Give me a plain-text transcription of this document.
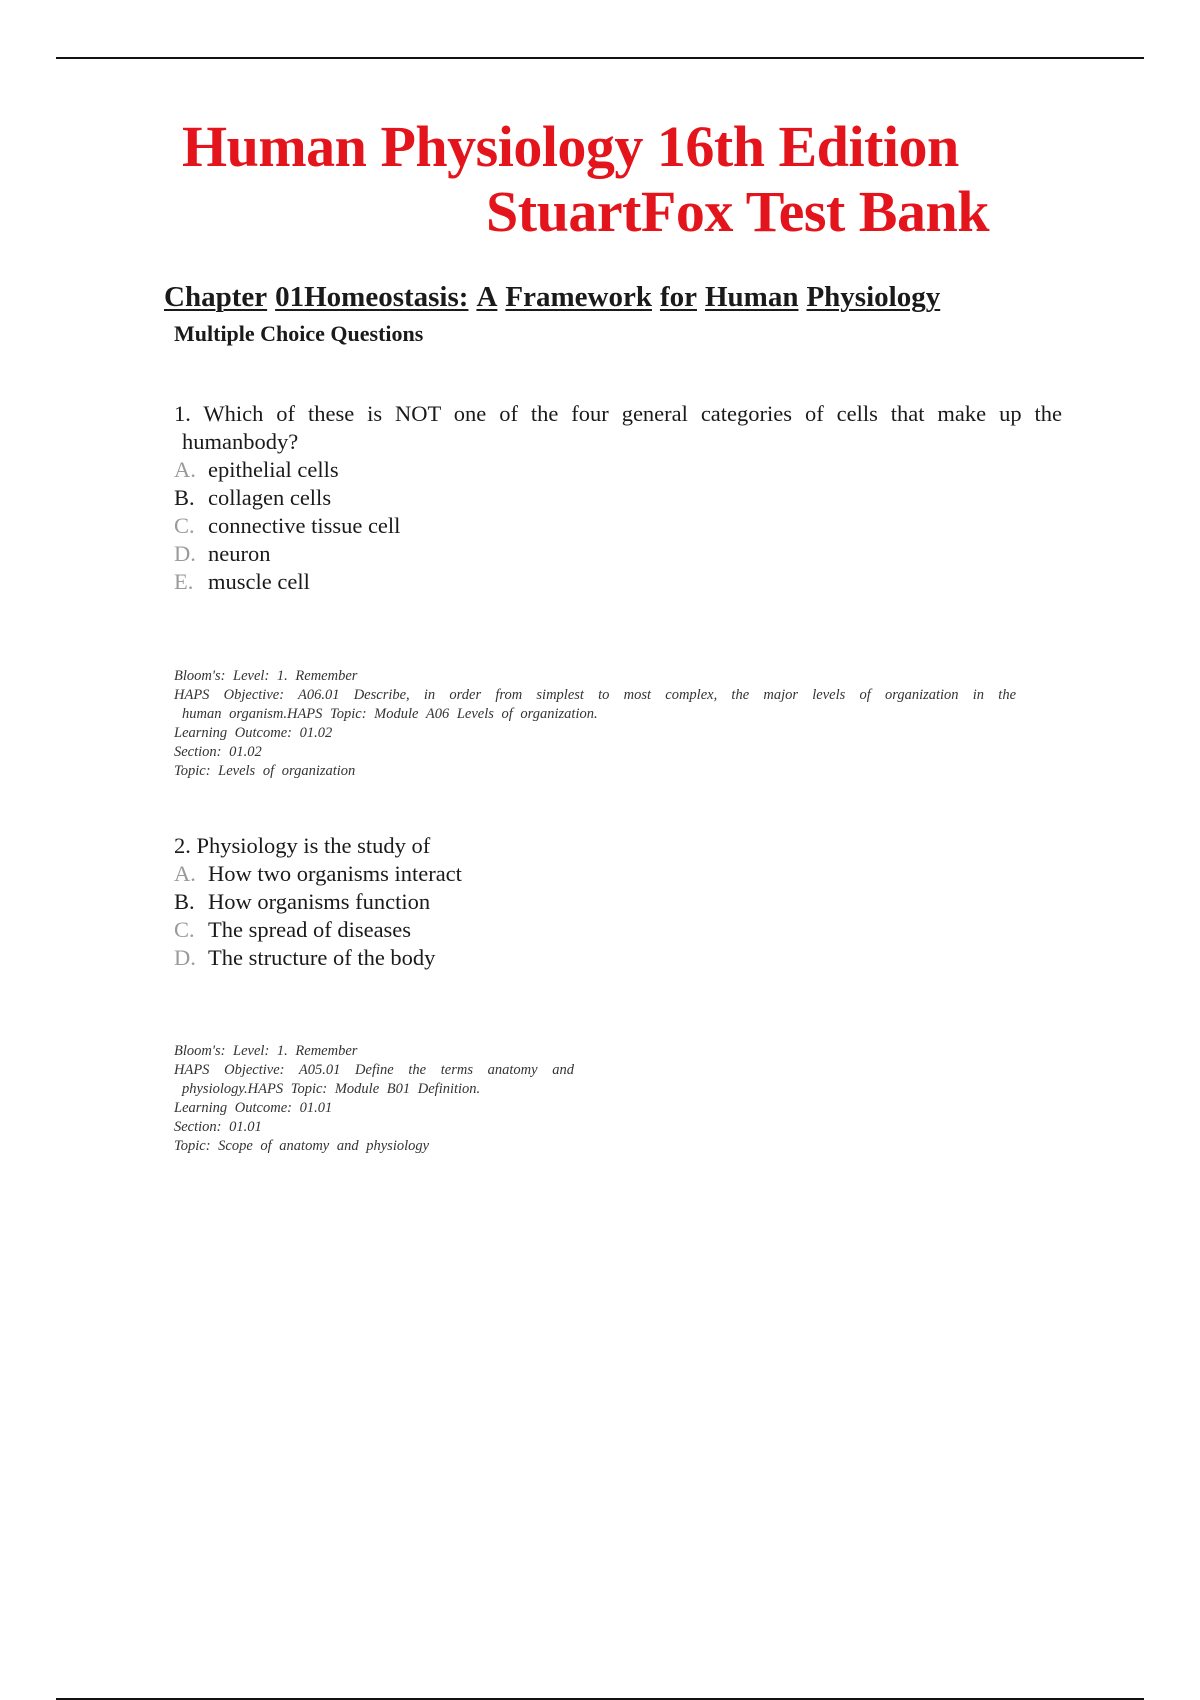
Human Physiology 16th Edition
StuartFox Test Bank
Chapter 01Homeostasis: A Framework for Human Physiology
Multiple Choice Questions
1. Which of these is NOT one of the four general categories of cells that make up the
humanbody?
A. epithelial cells
B. collagen cells
C. connective tissue cell
D. neuron
E. muscle cell
Bloom's: Level: 1. Remember
HAPS Objective: A06.01 Describe, in order from simplest to most complex, the major levels of organization in the
human organism.HAPS Topic: Module A06 Levels of organization.
Learning Outcome: 01.02
Section: 01.02
Topic: Levels of organization
2. Physiology is the study of
A. How two organisms interact
B. How organisms function
C. The spread of diseases
D. The structure of the body
Bloom's: Level: 1. Remember
HAPS Objective: A05.01 Define the terms anatomy and
physiology.HAPS Topic: Module B01 Definition.
Learning Outcome: 01.01
Section: 01.01
Topic: Scope of anatomy and physiology
